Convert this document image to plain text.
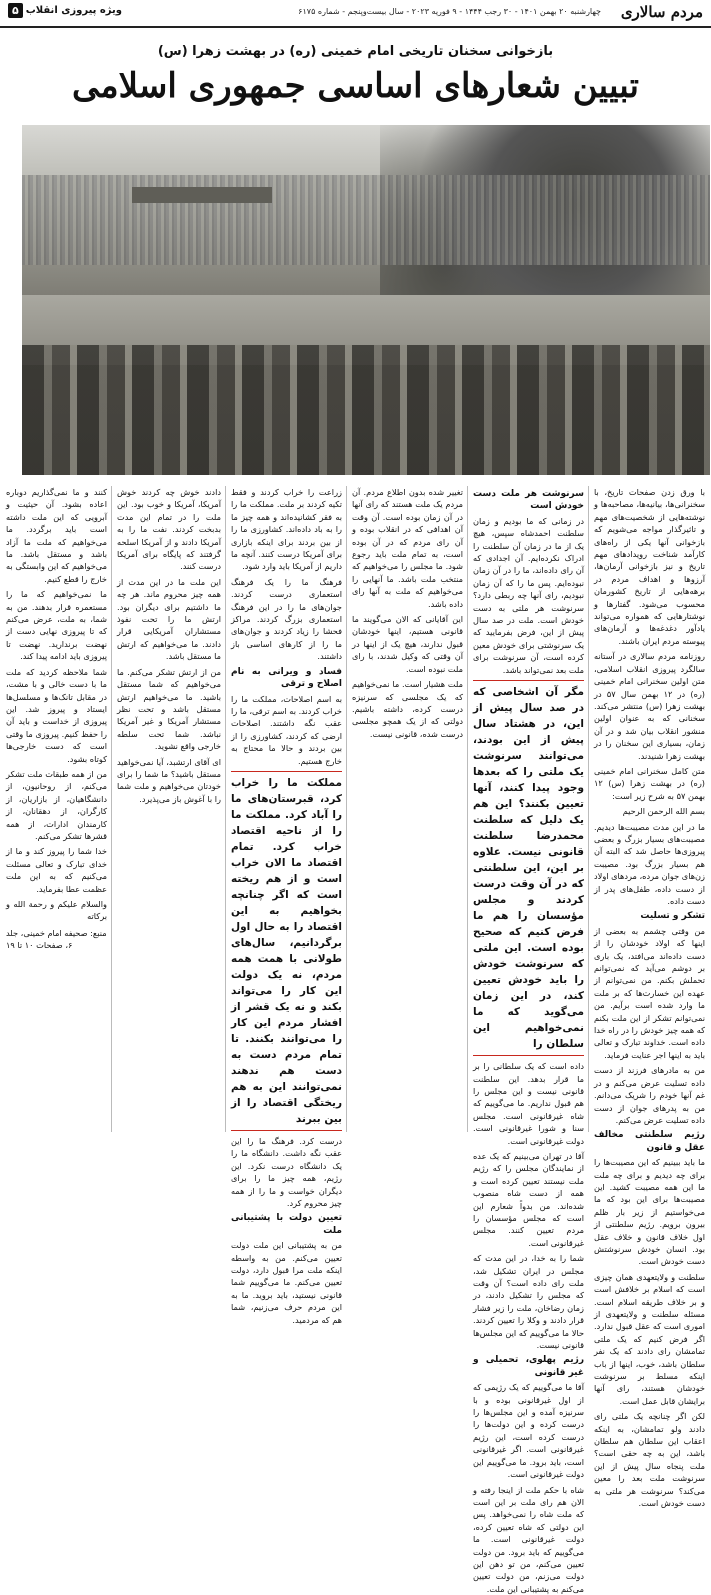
مردم سالاری
چهارشنبه ۲۰ بهمن ۱۴۰۱ - ۳۰ رجب ۱۴۴۴ - ۹ فوریه ۲۰۲۳ - سال بیست‌وپنجم - شماره ۶۱۷۵
ویژه پیروزی انقلاب
۵
بازخوانی سخنان تاریخی امام خمینی (ره) در بهشت زهرا (س)
تبیین شعارهای اساسی جمهوری اسلامی

با ورق زدن صفحات تاریخ، با سخنرانی‌ها، بیانیه‌ها، مصاحبه‌ها و نوشته‌هایی از شخصیت‌های مهم و تاثیرگذار مواجه می‌شویم که بازخوانی آنها یکی از راه‌های کارآمد شناخت رویدادهای مهم تاریخ و نیز بازخوانی آرمان‌ها، آرزوها و اهداف مردم در برهه‌هایی از تاریخ کشورمان محسوب می‌شود. گفتارها و نوشتارهایی که همواره می‌تواند یادآور دغدغه‌ها و آرمان‌های پیوسته مردم ایران باشند.

روزنامه مردم سالاری در آستانه سالگرد پیروزی انقلاب اسلامی، متن اولین سخنرانی امام خمینی (ره) در ۱۲ بهمن سال ۵۷ در بهشت زهرا (س) منتشر می‌کند. سخنانی که به عنوان اولین منشور انقلاب بیان شد و در آن زمان، بسیاری این سخنان را در بهشت زهرا شنیدند.

متن کامل سخنرانی امام خمینی (ره) در بهشت زهرا (س) ۱۲ بهمن ۵۷ به شرح زیر است:

بسم الله الرحمن الرحیم

ما در این مدت مصیبت‌ها دیدیم. مصیبت‌های بسیار بزرگ و بعضی پیروزی‌ها حاصل شد که البته آن هم بسیار بزرگ بود. مصیبت زن‌های جوان مرده، مردهای اولاد از دست داده، طفل‌های پدر از دست داده.

تشکر و تسلیت

من وقتی چشمم به بعضی از اینها که اولاد خودشان را از دست داده‌اند می‌افتد، یک باری بر دوشم می‌آید که نمی‌توانم تحملش بکنم. من نمی‌توانم از عهده این خسارت‌ها که بر ملت ما وارد شده است برآیم. من نمی‌توانم تشکر از این ملت بکنم که همه چیز خودش را در راه خدا داده است. خداوند تبارک و تعالی باید به اینها اجر عنایت فرماید.

من به مادرهای فرزند از دست داده تسلیت عرض می‌کنم و در غم آنها خودم را شریک می‌دانم. من به پدرهای جوان از دست داده تسلیت عرض می‌کنم.

رژیم سلطنتی مخالف عقل و قانون

ما باید ببینیم که این مصیبت‌ها را برای چه دیدیم و برای چه ملت ما این همه مصیبت کشید. این مصیبت‌ها برای این بود که ما می‌خواستیم از زیر بار ظلم بیرون برویم. رژیم سلطنتی از اول خلاف قانون و خلاف عقل بود. انسان خودش سرنوشتش دست خودش است.

سلطنت و ولایتعهدی همان چیزی است که اسلام بر خلافش است و بر خلاف طریقه اسلام است. مسئله سلطنت و ولایتعهدی از اموری است که عقل قبول ندارد. اگر فرض کنیم که یک ملتی تمامشان رای دادند که یک نفر سلطان باشد، خوب، اینها از باب اینکه مسلط بر سرنوشت خودشان هستند، رای آنها برایشان قابل عمل است.

لکن اگر چنانچه یک ملتی رای دادند ولو تمامشان، به اینکه اعقاب این سلطان هم سلطان باشد، این به چه حقی است؟ ملت پنجاه سال پیش از این سرنوشت ملت بعد را معین می‌کند؟ سرنوشت هر ملتی به دست خودش است.

سرنوشت هر ملت دست خودش است

در زمانی که ما بودیم و زمان سلطنت احمدشاه سپس، هیچ یک از ما در زمان آن سلطنت را ادراک نکرده‌ایم. آن اجدادی که آن رای داده‌اند، ما را در آن زمان نبوده‌ایم. پس ما را که آن زمان نبودیم، رای آنها چه ربطی دارد؟ سرنوشت هر ملتی به دست خودش است. ملت در صد سال پیش از این، فرض بفرمایید که یک سرنوشتی برای خودش معین کرده است، آن سرنوشت برای ملت بعد نمی‌تواند باشد.

مگر آن اشخاصی که در صد سال پیش از این، در هشتاد سال پیش از این بودند، می‌توانند سرنوشت یک ملتی را که بعدها وجود پیدا کنند، آنها تعیین بکنند؟ این هم یک دلیل که سلطنت محمدرضا سلطنت قانونی نیست. علاوه بر این، این سلطنتی که در آن وقت درست کردند و مجلس مؤسسان را هم ما فرض کنیم که صحیح بوده است. این ملتی که سرنوشت خودش را باید خودش تعیین کند، در این زمان می‌گوید که ما نمی‌خواهیم این سلطان را

داده است که یک سلطانی را بر ما قرار بدهد. این سلطنت قانونی نیست و این مجلس را هم قبول نداریم. ما می‌گوییم که شاه غیرقانونی است. مجلس سنا و شورا غیرقانونی است. دولت غیرقانونی است.

آقا در تهران می‌بینیم که یک عده از نمایندگان مجلس را که رژیم ملت نیستند تعیین کرده است و همه از دست شاه منصوب شده‌اند. من بدواً شعارم این است که مجلس مؤسسان را مردم تعیین کنند. مجلس غیرقانونی است.

شما را به خدا، در این مدت که مجلس در ایران تشکیل شد، ملت رای داده است؟ آن وقت که مجلس را تشکیل دادند، در زمان رضاخان، ملت را زیر فشار قرار دادند و وکلا را تعیین کردند. حالا ما می‌گوییم که این مجلس‌ها قانونی نیست.

رژیم پهلوی، تحمیلی و غیر قانونی

آقا ما می‌گوییم که یک رژیمی که از اول غیرقانونی بوده و با سرنیزه آمده و این مجلس‌ها را درست کرده و این دولت‌ها را درست کرده است، این رژیم غیرقانونی است. اگر غیرقانونی است، باید برود. ما می‌گوییم این دولت غیرقانونی است.

شاه با حکم ملت از اینجا رفته و الان هم رای ملت بر این است که ملت شاه را نمی‌خواهد. پس این دولتی که شاه تعیین کرده، دولت غیرقانونی است. ما می‌گوییم که باید برود. من دولت تعیین می‌کنم، من تو دهن این دولت می‌زنم، من دولت تعیین می‌کنم به پشتیبانی این ملت.

تغییر شده بدون اطلاع مردم. آن مردم یک ملت هستند که رای آنها در آن زمان بوده است. آن وقت آن اهدافی که در انقلاب بوده و آن رای مردم که در آن بوده است، به تمام ملت باید رجوع شود. ما مجلس را می‌خواهیم که منتخب ملت باشد. ما آنهایی را می‌خواهیم که ملت به آنها رای داده باشد.

این آقایانی که الان می‌گویند ما قانونی هستیم، اینها خودشان قبول ندارند، هیچ یک از اینها در آن وقتی که وکیل شدند، با رای ملت نبوده است.

ملت هشیار است. ما نمی‌خواهیم که یک مجلسی که سرنیزه درست کرده، داشته باشیم. دولتی که از یک همچو مجلسی درست شده، قانونی نیست.

زراعت را خراب کردند و فقط تکیه کردند بر ملت. مملکت ما را به فقر کشانیده‌اند و همه چیز ما را به باد داده‌اند. کشاورزی ما را از بین بردند برای اینکه بازاری برای آمریکا درست کنند. آنچه ما داریم از آمریکا باید وارد شود.

فرهنگ ما را یک فرهنگ استعماری درست کردند. جوان‌های ما را در این فرهنگ استعماری بزرگ کردند. مراکز فحشا را زیاد کردند و جوان‌های ما را از کارهای اساسی باز داشتند.

فساد و ویرانی به نام اصلاح و ترقی

به اسم اصلاحات، مملکت ما را خراب کردند. به اسم ترقی، ما را عقب نگه داشتند. اصلاحات ارضی که کردند، کشاورزی را از بین بردند و حالا ما محتاج به خارج هستیم.

مملکت ما را خراب کرد، قبرستان‌های ما را آباد کرد. مملکت ما را از ناحیه اقتصاد خراب کرد. تمام اقتصاد ما الان خراب است و از هم ریخته است که اگر چنانچه بخواهیم به این اقتصاد را به حال اول برگردانیم، سال‌های طولانی با همت همه مردم، نه یک دولت این کار را می‌تواند بکند و نه یک قشر از افشار مردم این کار را می‌توانند بکنند. تا تمام مردم دست به دست هم ندهند نمی‌توانند این به هم ریختگی اقتصاد را از بین ببرند

درست کرد. فرهنگ ما را این عقب نگه داشت. دانشگاه ما را یک دانشگاه درست نکرد. این رژیم، همه چیز ما را برای دیگران خواست و ما را از همه چیز محروم کرد.

تعیین دولت با پشتیبانی ملت

من به پشتیبانی این ملت دولت تعیین می‌کنم. من به واسطه اینکه ملت مرا قبول دارد، دولت تعیین می‌کنم. ما می‌گوییم شما قانونی نیستید، باید بروید. ما به این مردم حرف می‌زنیم، شما هم که مردمید.

دادند خوش چه کردند خوش آمریکا، آمریکا و خوب بود. این ملت را در تمام این مدت بدبخت کردند. نفت ما را به آمریکا دادند و از آمریکا اسلحه گرفتند که پایگاه برای آمریکا درست کنند.

این ملت ما در این مدت از همه چیز محروم ماند. هر چه ما داشتیم برای دیگران بود. ارتش ما را تحت نفوذ مستشاران آمریکایی قرار دادند. ما می‌خواهیم که ارتش ما مستقل باشد.

من از ارتش تشکر می‌کنم. ما می‌خواهیم که شما مستقل باشید. ما می‌خواهیم ارتش مستقل باشد و تحت نظر مستشار آمریکا و غیر آمریکا نباشد. شما تحت سلطه خارجی واقع نشوید.

ای آقای ارتشبد، آیا نمی‌خواهید مستقل باشید؟ ما شما را برای خودتان می‌خواهیم و ملت شما را با آغوش باز می‌پذیرد.

کنند و ما نمی‌گذاریم دوباره اعاده بشود. آن حیثیت و آبرویی که این ملت داشته است باید برگردد. ما می‌خواهیم که ملت ما آزاد باشد و مستقل باشد. ما می‌خواهیم که این وابستگی به خارج را قطع کنیم.

ما نمی‌خواهیم که ما را مستعمره قرار بدهند. من به شما، به ملت، عرض می‌کنم که تا پیروزی نهایی دست از نهضت برندارید. نهضت تا پیروزی باید ادامه پیدا کند.

شما ملاحظه کردید که ملت ما با دست خالی و با مشت، در مقابل تانک‌ها و مسلسل‌ها ایستاد و پیروز شد. این پیروزی از خداست و باید آن را حفظ کنیم. پیروزی ما وقتی است که دست خارجی‌ها کوتاه بشود.

من از همه طبقات ملت تشکر می‌کنم، از روحانیون، از دانشگاهیان، از بازاریان، از کارگران، از دهقانان، از کارمندان ادارات، از همه قشرها تشکر می‌کنم.

خدا شما را پیروز کند و ما از خدای تبارک و تعالی مسئلت می‌کنیم که به این ملت عظمت عطا بفرماید.

والسلام علیکم و رحمة الله و برکاته

منبع: صحیفه امام خمینی، جلد ۶، صفحات ۱۰ تا ۱۹
